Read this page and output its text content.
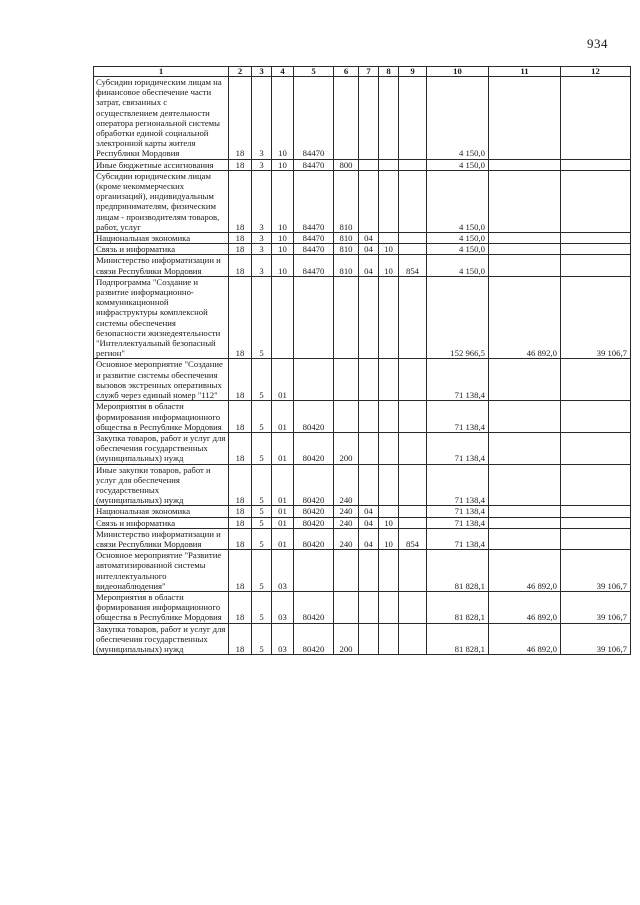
934
1	2	3	4	5	6	7	8	9	10	11	12
Субсидии юридическим лицам на финансовое обеспечение части затрат, связанных с осуществлением деятельности оператора региональной системы обработки единой социальной электронной карты жителя Республики Мордовия	18	3	10	84470					4 150,0		
Иные бюджетные ассигнования	18	3	10	84470	800				4 150,0		
Субсидии юридическим лицам (кроме некоммерческих организаций), индивидуальным предпринимателям, физическим лицам - производителям товаров, работ, услуг	18	3	10	84470	810				4 150,0		
Национальная экономика	18	3	10	84470	810	04			4 150,0		
Связь и информатика	18	3	10	84470	810	04	10		4 150,0		
Министерство информатизации и связи Республики Мордовия	18	3	10	84470	810	04	10	854	4 150,0		
Подпрограмма "Создание и развитие информационно-коммуникационной инфраструктуры комплексной системы обеспечения безопасности жизнедеятельности "Интеллектуальный безопасный регион"	18	5							152 966,5	46 892,0	39 106,7
Основное мероприятие "Создание и развитие системы обеспечения вызовов экстренных оперативных служб через единый номер "112"	18	5	01						71 138,4		
Мероприятия в области формирования информационного общества в Республике Мордовия	18	5	01	80420					71 138,4		
Закупка товаров, работ и услуг для обеспечения государственных (муниципальных) нужд	18	5	01	80420	200				71 138,4		
Иные закупки товаров, работ и услуг для обеспечения государственных (муниципальных) нужд	18	5	01	80420	240				71 138,4		
Национальная экономика	18	5	01	80420	240	04			71 138,4		
Связь и информатика	18	5	01	80420	240	04	10		71 138,4		
Министерство информатизации и связи Республики Мордовия	18	5	01	80420	240	04	10	854	71 138,4		
Основное мероприятие "Развитие автоматизированной системы интеллектуального видеонаблюдения"	18	5	03						81 828,1	46 892,0	39 106,7
Мероприятия в области формирования информационного общества в Республике Мордовия	18	5	03	80420					81 828,1	46 892,0	39 106,7
Закупка товаров, работ и услуг для обеспечения государственных (муниципальных) нужд	18	5	03	80420	200				81 828,1	46 892,0	39 106,7
